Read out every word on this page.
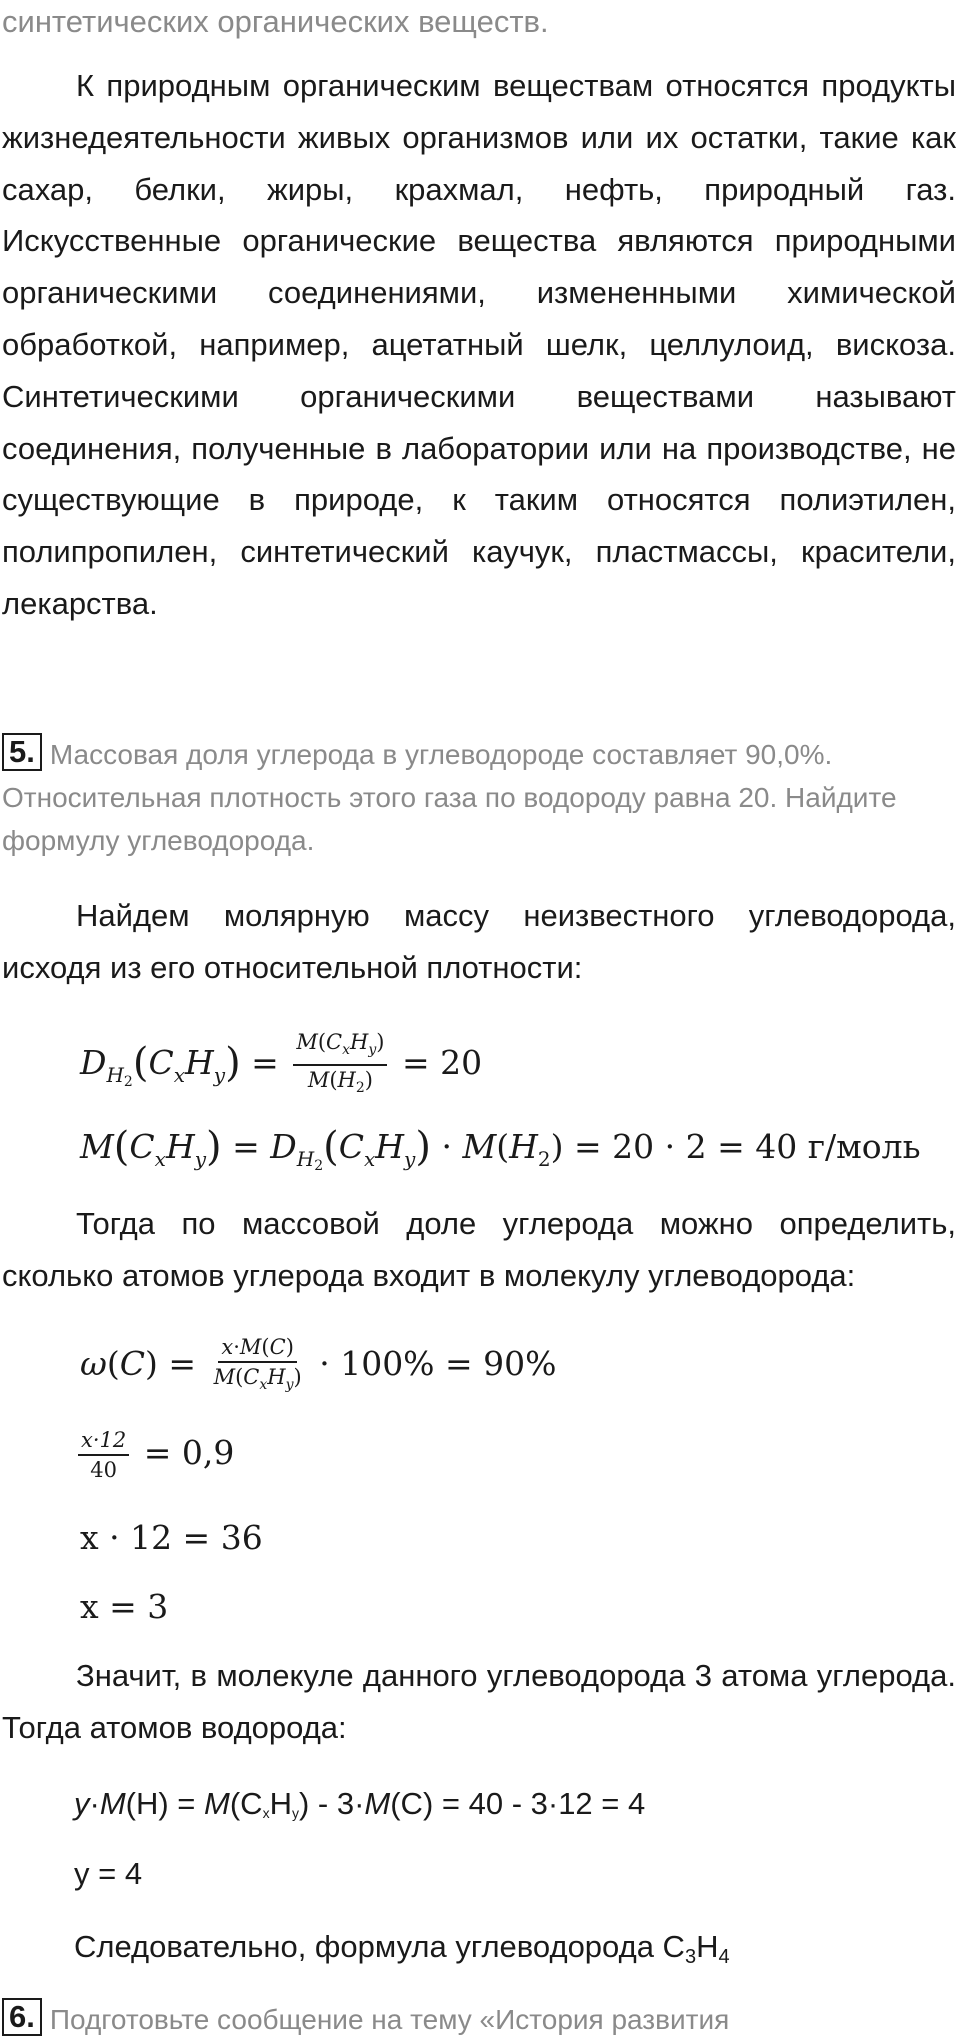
синтетических органических веществ.
К природным органическим веществам относятся продукты жизнедеятельности живых организмов или их остатки, такие как сахар, белки, жиры, крахмал, нефть, природный газ. Искусственные органические вещества являются природными органическими соединениями, измененными химической обработкой, например, ацетатный шелк, целлулоид, вискоза. Синтетическими органическими веществами называют соединения, полученные в лаборатории или на производстве, не существующие в природе, к таким относятся полиэтилен, полипропилен, синтетический каучук, пластмассы, красители, лекарства.
5. Массовая доля углерода в углеводороде составляет 90,0%. Относительная плотность этого газа по водороду равна 20. Найдите формулу углеводорода.
Найдем молярную массу неизвестного углеводорода, исходя из его относительной плотности:
$D_{H_2}(C_xH_y) = \frac{M(C_xH_y)}{M(H_2)} = 20$
$M(C_xH_y) = D_{H_2}(C_xH_y) \cdot M(H_2) = 20 \cdot 2 = 40$ г/моль
Тогда по массовой доле углерода можно определить, сколько атомов углерода входит в молекулу углеводорода:
$\omega(C) = \frac{x\cdot M(C)}{M(C_xH_y)} \cdot 100\% = 90\%$
$\frac{x\cdot 12}{40} = 0,9$
x · 12 = 36
x = 3
Значит, в молекуле данного углеводорода 3 атома углерода. Тогда атомов водорода:
y·M(H) = M(CxHy) - 3·M(C) = 40 - 3·12 = 4
y = 4
Следовательно, формула углеводорода C3H4
6. Подготовьте сообщение на тему «История развития
